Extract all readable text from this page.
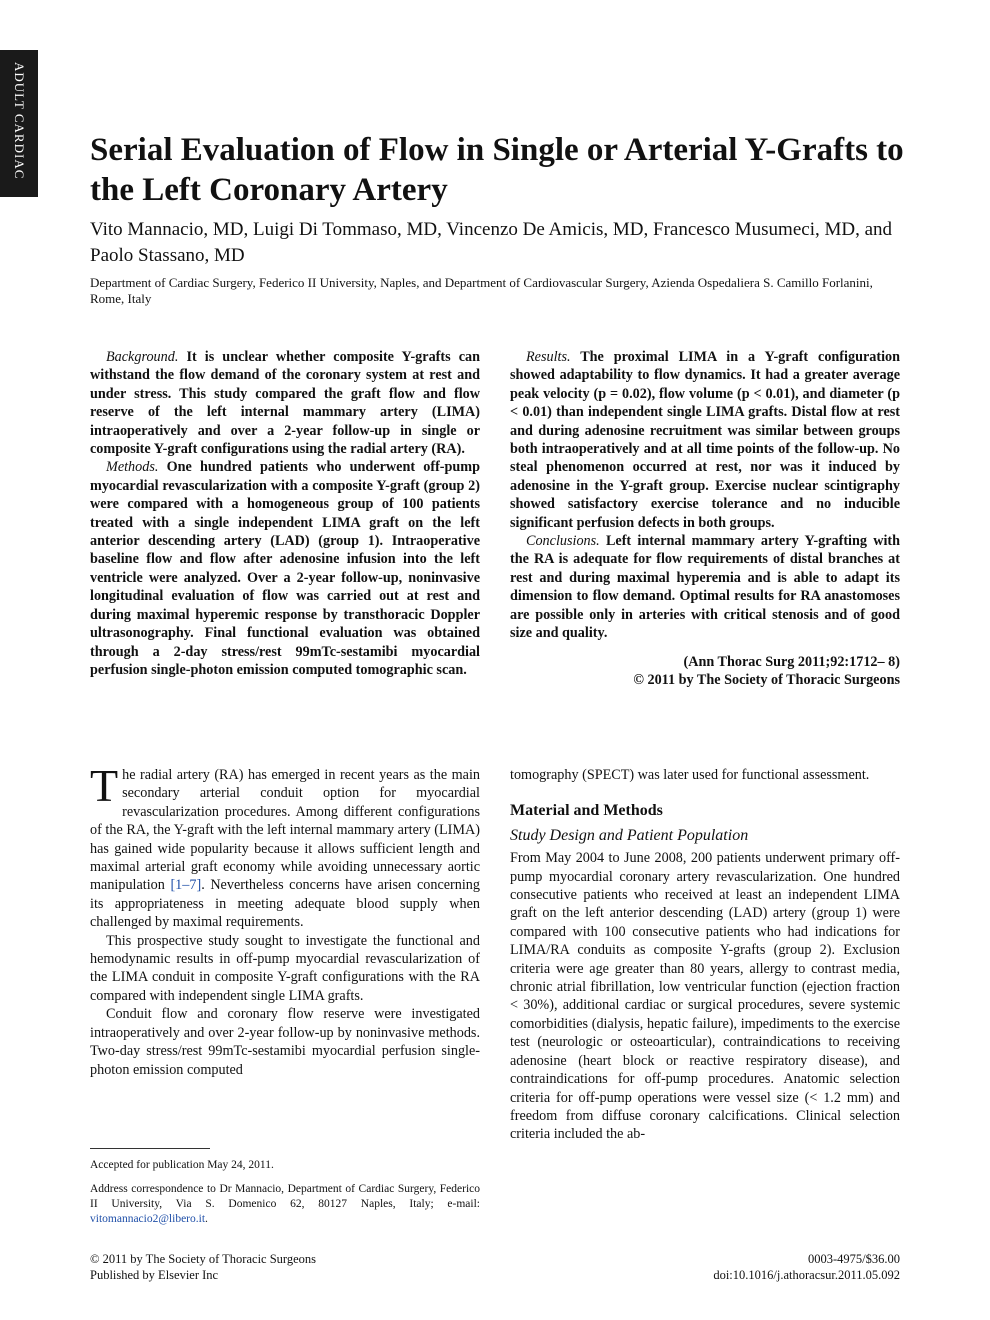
ADULT CARDIAC Serial Evaluation of Flow in Single or Arterial Y-Grafts to the Left Coronary Artery
Vito Mannacio, MD, Luigi Di Tommaso, MD, Vincenzo De Amicis, MD, Francesco Musumeci, MD, and Paolo Stassano, MD
Department of Cardiac Surgery, Federico II University, Naples, and Department of Cardiovascular Surgery, Azienda Ospedaliera S. Camillo Forlanini, Rome, Italy

Background. It is unclear whether composite Y-grafts can withstand the flow demand of the coronary system at rest and under stress. This study compared the graft flow and flow reserve of the left internal mammary artery (LIMA) intraoperatively and over a 2-year follow-up in single or composite Y-graft configurations using the radial artery (RA).

Methods. One hundred patients who underwent off-pump myocardial revascularization with a composite Y-graft (group 2) were compared with a homogeneous group of 100 patients treated with a single independent LIMA graft on the left anterior descending artery (LAD) (group 1). Intraoperative baseline flow and flow after adenosine infusion into the left ventricle were analyzed. Over a 2-year follow-up, noninvasive longitudinal evaluation of flow was carried out at rest and during maximal hyperemic response by transthoracic Doppler ultrasonography. Final functional evaluation was obtained through a 2-day stress/rest 99mTc-sestamibi myocardial perfusion single-photon emission computed tomographic scan.

Results. The proximal LIMA in a Y-graft configuration showed adaptability to flow dynamics. It had a greater average peak velocity (p = 0.02), flow volume (p < 0.01), and diameter (p < 0.01) than independent single LIMA grafts. Distal flow at rest and during adenosine recruitment was similar between groups both intraoperatively and at all time points of the follow-up. No steal phenomenon occurred at rest, nor was it induced by adenosine in the Y-graft group. Exercise nuclear scintigraphy showed satisfactory exercise tolerance and no inducible significant perfusion defects in both groups.

Conclusions. Left internal mammary artery Y-grafting with the RA is adequate for flow requirements of distal branches at rest and during maximal hyperemia and is able to adapt its dimension to flow demand. Optimal results for RA anastomoses are possible only in arteries with critical stenosis and of good size and quality.

(Ann Thorac Surg 2011;92:1712– 8)
© 2011 by The Society of Thoracic Surgeons

The radial artery (RA) has emerged in recent years as the main secondary arterial conduit option for myocardial revascularization procedures. Among different configurations of the RA, the Y-graft with the left internal mammary artery (LIMA) has gained wide popularity because it allows sufficient length and maximal arterial graft economy while avoiding unnecessary aortic manipulation [1–7]. Nevertheless concerns have arisen concerning its appropriateness in meeting adequate blood supply when challenged by maximal requirements.

This prospective study sought to investigate the functional and hemodynamic results in off-pump myocardial revascularization of the LIMA conduit in composite Y-graft configurations with the RA compared with independent single LIMA grafts.

Conduit flow and coronary flow reserve were investigated intraoperatively and over 2-year follow-up by noninvasive methods. Two-day stress/rest 99mTc-sestamibi myocardial perfusion single-photon emission computed

tomography (SPECT) was later used for functional assessment.

Material and Methods
Study Design and Patient Population

From May 2004 to June 2008, 200 patients underwent primary off-pump myocardial coronary artery revascularization. One hundred consecutive patients who received at least an independent LIMA graft on the left anterior descending (LAD) artery (group 1) were compared with 100 consecutive patients who had indications for LIMA/RA conduits as composite Y-grafts (group 2). Exclusion criteria were age greater than 80 years, allergy to contrast media, chronic atrial fibrillation, low ventricular function (ejection fraction < 30%), additional cardiac or surgical procedures, severe systemic comorbidities (dialysis, hepatic failure), impediments to the exercise test (neurologic or osteoarticular), contraindications to receiving adenosine (heart block or reactive respiratory disease), and contraindications for off-pump procedures. Anatomic selection criteria for off-pump operations were vessel size (< 1.2 mm) and freedom from diffuse coronary calcifications. Clinical selection criteria included the ab-

Accepted for publication May 24, 2011.
Address correspondence to Dr Mannacio, Department of Cardiac Surgery, Federico II University, Via S. Domenico 62, 80127 Naples, Italy; e-mail: vitomannacio2@libero.it.
© 2011 by The Society of Thoracic Surgeons
Published by Elsevier Inc
0003-4975/$36.00
doi:10.1016/j.athoracsur.2011.05.092
